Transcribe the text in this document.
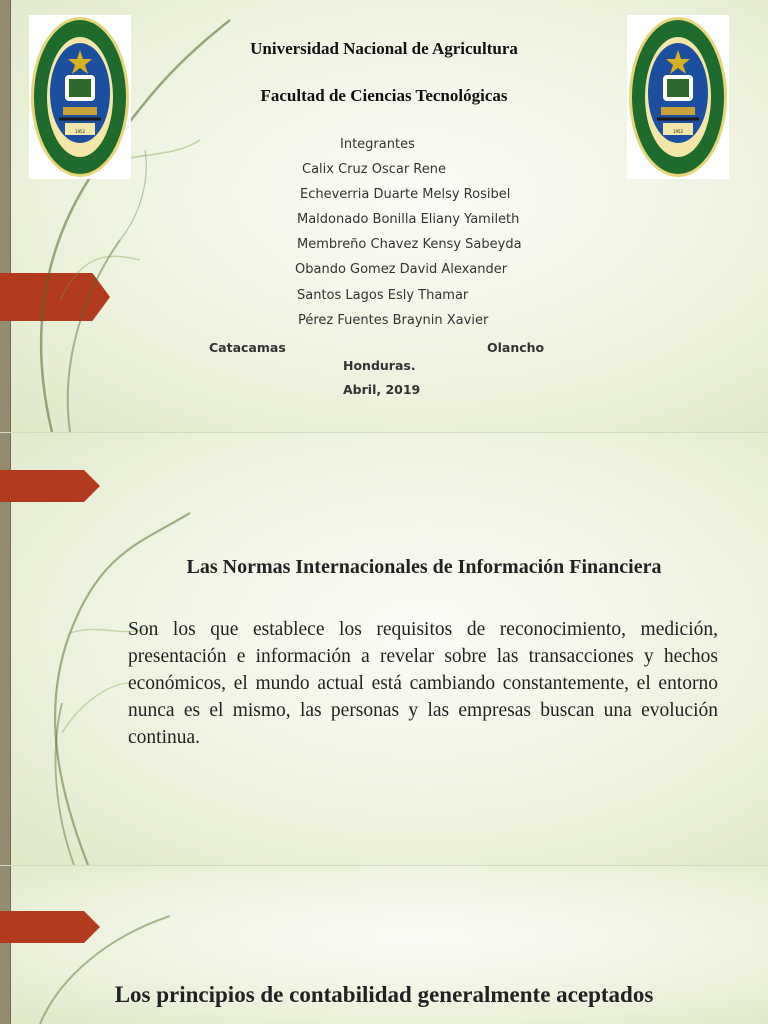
1952	1952
Universidad Nacional de Agricultura
Facultad de Ciencias Tecnológicas
Integrantes
Calix Cruz Oscar Rene
Echeverria Duarte Melsy Rosibel
Maldonado Bonilla Eliany Yamileth
Membreño Chavez Kensy Sabeyda
Obando Gomez David Alexander
Santos Lagos Esly Thamar
Pérez Fuentes Braynin Xavier
Catacamas	Olancho
Honduras.
Abril, 2019
Las Normas Internacionales de Información Financiera
Son los que establece los requisitos de reconocimiento, medición, presentación e información a revelar sobre las transacciones y hechos económicos, el mundo actual está cambiando constantemente, el entorno nunca es el mismo, las personas y las empresas buscan una evolución continua.
Los principios de contabilidad generalmente aceptados
